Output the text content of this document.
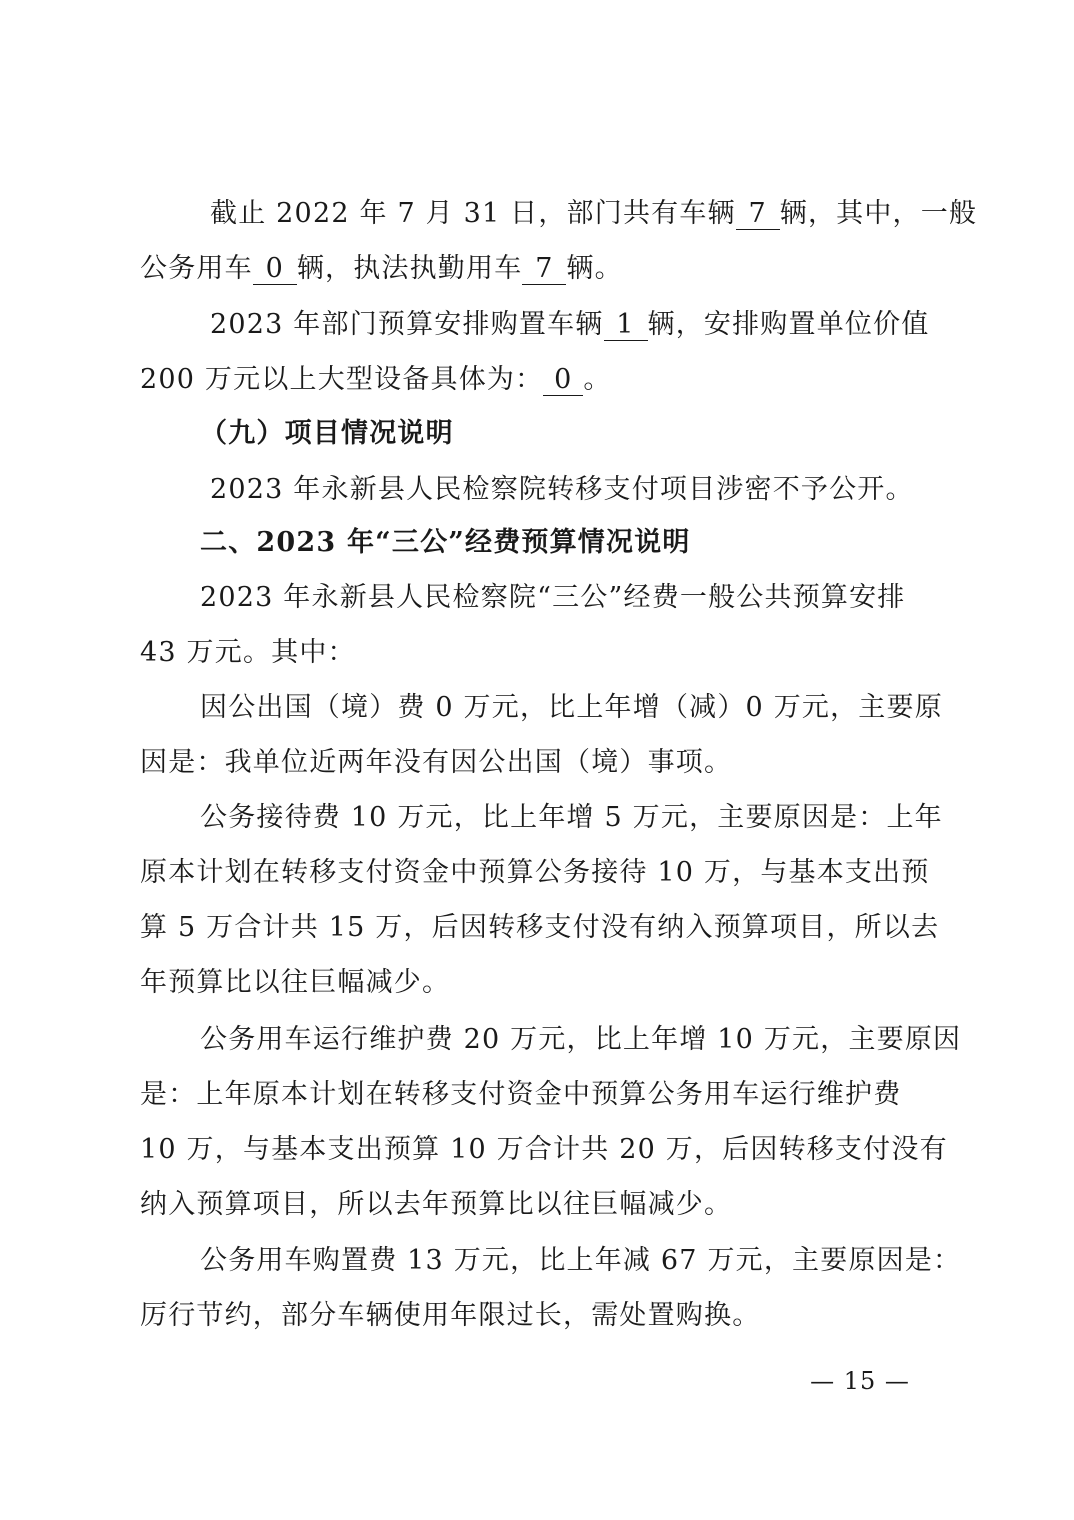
截止 2022 年 7 月 31 日，部门共有车辆 7 辆，其中，一般
公务用车 0 辆，执法执勤用车 7 辆。
2023 年部门预算安排购置车辆 1 辆，安排购置单位价值
200 万元以上大型设备具体为： 0 。
（九）项目情况说明
2023 年永新县人民检察院转移支付项目涉密不予公开。
二、2023 年“三公”经费预算情况说明
2023 年永新县人民检察院“三公”经费一般公共预算安排
43 万元。其中：
因公出国（境）费 0 万元，比上年增（减）0 万元，主要原
因是：我单位近两年没有因公出国（境）事项。
公务接待费 10 万元，比上年增 5 万元，主要原因是：上年
原本计划在转移支付资金中预算公务接待 10 万，与基本支出预
算 5 万合计共 15 万，后因转移支付没有纳入预算项目，所以去
年预算比以往巨幅减少。
公务用车运行维护费 20 万元，比上年增 10 万元，主要原因
是：上年原本计划在转移支付资金中预算公务用车运行维护费
10 万，与基本支出预算 10 万合计共 20 万，后因转移支付没有
纳入预算项目，所以去年预算比以往巨幅减少。
公务用车购置费 13 万元，比上年减 67 万元，主要原因是：
厉行节约，部分车辆使用年限过长，需处置购换。
— 15 —
